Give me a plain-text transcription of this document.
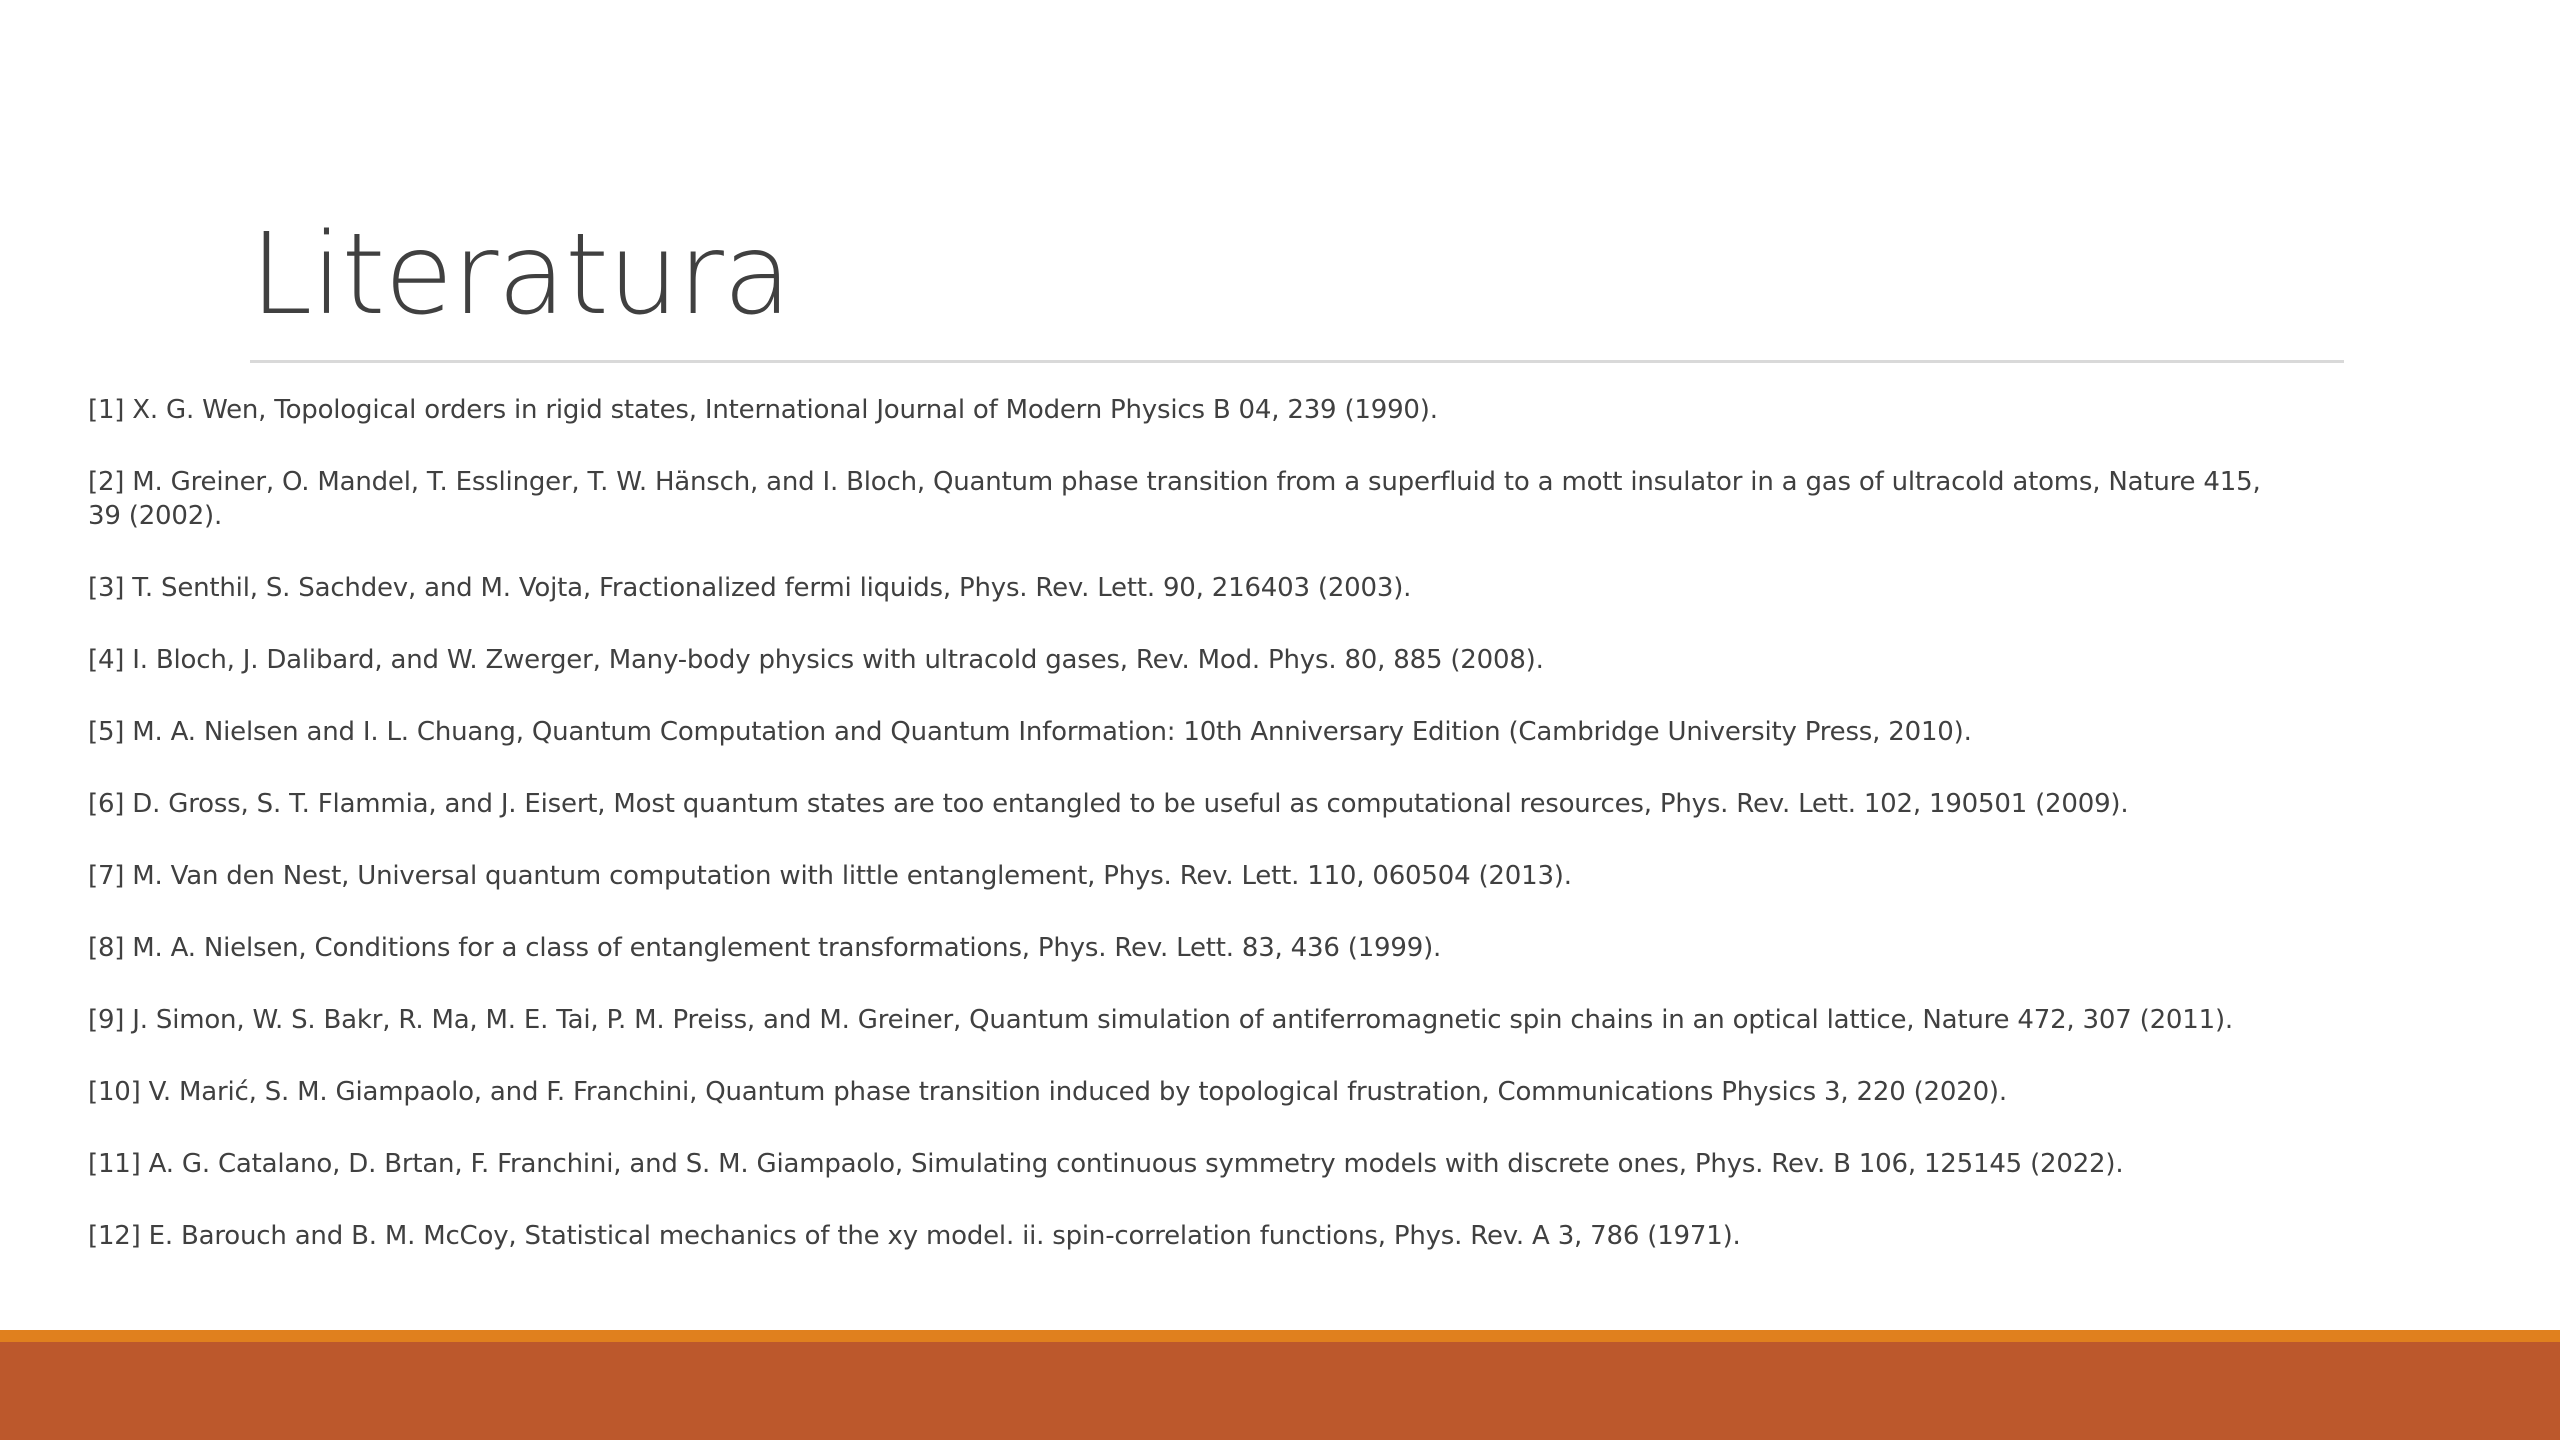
Literatura
[1] X. G. Wen, Topological orders in rigid states, International Journal of Modern Physics B 04, 239 (1990).
[2] M. Greiner, O. Mandel, T. Esslinger, T. W. Hänsch, and I. Bloch, Quantum phase transition from a superfluid to a mott insulator in a gas of ultracold atoms, Nature 415, 39 (2002).
[3] T. Senthil, S. Sachdev, and M. Vojta, Fractionalized fermi liquids, Phys. Rev. Lett. 90, 216403 (2003).
[4] I. Bloch, J. Dalibard, and W. Zwerger, Many-body physics with ultracold gases, Rev. Mod. Phys. 80, 885 (2008).
[5] M. A. Nielsen and I. L. Chuang, Quantum Computation and Quantum Information: 10th Anniversary Edition (Cambridge University Press, 2010).
[6] D. Gross, S. T. Flammia, and J. Eisert, Most quantum states are too entangled to be useful as computational resources, Phys. Rev. Lett. 102, 190501 (2009).
[7] M. Van den Nest, Universal quantum computation with little entanglement, Phys. Rev. Lett. 110, 060504 (2013).
[8] M. A. Nielsen, Conditions for a class of entanglement transformations, Phys. Rev. Lett. 83, 436 (1999).
[9] J. Simon, W. S. Bakr, R. Ma, M. E. Tai, P. M. Preiss, and M. Greiner, Quantum simulation of antiferromagnetic spin chains in an optical lattice, Nature 472, 307 (2011).
[10] V. Marić, S. M. Giampaolo, and F. Franchini, Quantum phase transition induced by topological frustration, Communications Physics 3, 220 (2020).
[11] A. G. Catalano, D. Brtan, F. Franchini, and S. M. Giampaolo, Simulating continuous symmetry models with discrete ones, Phys. Rev. B 106, 125145 (2022).
[12] E. Barouch and B. M. McCoy, Statistical mechanics of the xy model. ii. spin-correlation functions, Phys. Rev. A 3, 786 (1971).
